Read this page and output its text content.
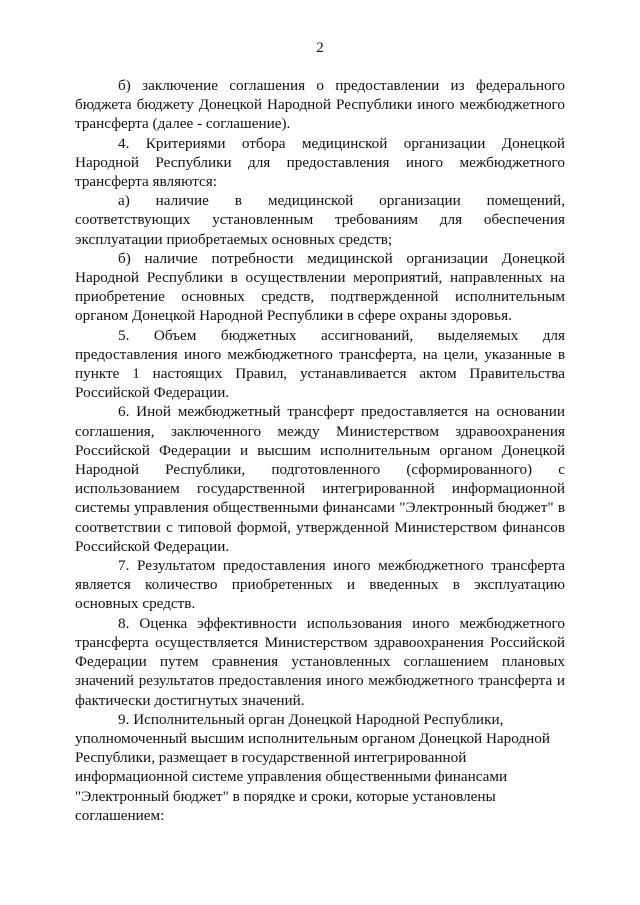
2

б) заключение соглашения о предоставлении из федерального бюджета бюджету Донецкой Народной Республики иного межбюджетного трансферта (далее - соглашение).

4. Критериями отбора медицинской организации Донецкой Народной Республики для предоставления иного межбюджетного трансферта являются:

а) наличие в медицинской организации помещений, соответствующих установленным требованиям для обеспечения эксплуатации приобретаемых основных средств;

б) наличие потребности медицинской организации Донецкой Народной Республики в осуществлении мероприятий, направленных на приобретение основных средств, подтвержденной исполнительным органом Донецкой Народной Республики в сфере охраны здоровья.

5. Объем бюджетных ассигнований, выделяемых для предоставления иного межбюджетного трансферта, на цели, указанные в пункте 1 настоящих Правил, устанавливается актом Правительства Российской Федерации.

6. Иной межбюджетный трансферт предоставляется на основании соглашения, заключенного между Министерством здравоохранения Российской Федерации и высшим исполнительным органом Донецкой Народной Республики, подготовленного (сформированного) с использованием государственной интегрированной информационной системы управления общественными финансами "Электронный бюджет" в соответствии с типовой формой, утвержденной Министерством финансов Российской Федерации.

7. Результатом предоставления иного межбюджетного трансферта является количество приобретенных и введенных в эксплуатацию основных средств.

8. Оценка эффективности использования иного межбюджетного трансферта осуществляется Министерством здравоохранения Российской Федерации путем сравнения установленных соглашением плановых значений результатов предоставления иного межбюджетного трансферта и фактически достигнутых значений.

9. Исполнительный орган Донецкой Народной Республики, уполномоченный высшим исполнительным органом Донецкой Народной Республики, размещает в государственной интегрированной информационной системе управления общественными финансами "Электронный бюджет" в порядке и сроки, которые установлены соглашением:
